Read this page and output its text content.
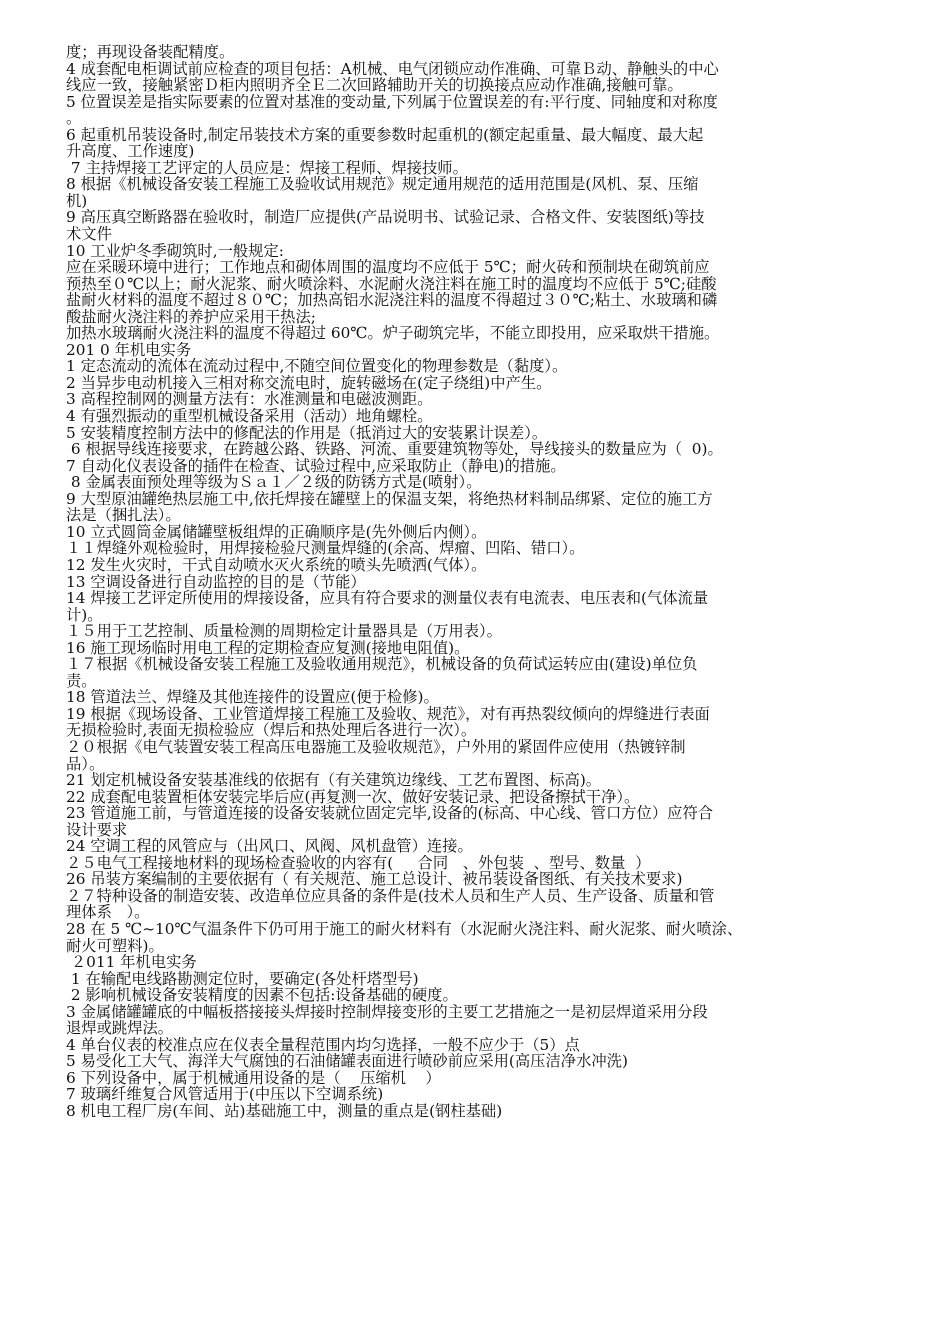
度；再现设备装配精度。
4 成套配电柜调试前应检查的项目包括：A机械、电气闭锁应动作准确、可靠Ｂ动、静触头的中心
线应一致，接触紧密Ｄ柜内照明齐全Ｅ二次回路辅助开关的切换接点应动作准确,接触可靠。
5 位置误差是指实际要素的位置对基准的变动量,下列属于位置误差的有:平行度、同轴度和对称度
。
6 起重机吊装设备时,制定吊装技术方案的重要参数时起重机的(额定起重量、最大幅度、最大起
升高度、工作速度)
7 主持焊接工艺评定的人员应是：焊接工程师、焊接技师。
8 根据《机械设备安装工程施工及验收试用规范》规定通用规范的适用范围是(风机、泵、压缩
机)
9 高压真空断路器在验收时，制造厂应提供(产品说明书、试验记录、合格文件、安装图纸)等技
术文件
10 工业炉冬季砌筑时,一般规定:
应在采暖环境中进行；工作地点和砌体周围的温度均不应低于 5℃；耐火砖和预制块在砌筑前应
预热至０℃以上；耐火泥浆、耐火喷涂料、水泥耐火浇注料在施工时的温度均不应低于 5℃;硅酸
盐耐火材料的温度不超过８０℃；加热高铝水泥浇注料的温度不得超过３０℃;粘土、水玻璃和磷
酸盐耐火浇注料的养护应采用干热法;
加热水玻璃耐火浇注料的温度不得超过 60℃。炉子砌筑完毕，不能立即投用，应采取烘干措施。
201 0 年机电实务
1 定态流动的流体在流动过程中,不随空间位置变化的物理参数是（黏度）。
2 当异步电动机接入三相对称交流电时，旋转磁场在(定子绕组)中产生。
3 高程控制网的测量方法有：水准测量和电磁波测距。
4 有强烈振动的重型机械设备采用（活动）地角螺栓。
5 安装精度控制方法中的修配法的作用是（抵消过大的安装累计误差）。
6 根据导线连接要求，在跨越公路、铁路、河流、重要建筑物等处，导线接头的数量应为（  0)。
7 自动化仪表设备的插件在检查、试验过程中,应采取防止（静电)的措施。
8 金属表面预处理等级为Ｓａ１／２级的防锈方式是(喷射）。
9 大型原油罐绝热层施工中,依托焊接在罐壁上的保温支架，将绝热材料制品绑紧、定位的施工方
法是（捆扎法）。
10 立式圆筒金属储罐壁板组焊的正确顺序是(先外侧后内侧）。
１１焊缝外观检验时，用焊接检验尺测量焊缝的(余高、焊瘤、凹陷、错口）。
12 发生火灾时，干式自动喷水灭火系统的喷头先喷洒(气体）。
13 空调设备进行自动监控的目的是（节能）
14 焊接工艺评定所使用的焊接设备，应具有符合要求的测量仪表有电流表、电压表和(气体流量
计)。
１５用于工艺控制、质量检测的周期检定计量器具是（万用表）。
16 施工现场临时用电工程的定期检查应复测(接地电阻值)。
１７根据《机械设备安装工程施工及验收通用规范》，机械设备的负荷试运转应由(建设)单位负
责。
18 管道法兰、焊缝及其他连接件的设置应(便于检修)。
19 根据《现场设备、工业管道焊接工程施工及验收、规范》，对有再热裂纹倾向的焊缝进行表面
无损检验时,表面无损检验应（焊后和热处理后各进行一次）。
２０根据《电气装置安装工程高压电器施工及验收规范》，户外用的紧固件应使用（热镀锌制
品）。
21 划定机械设备安装基准线的依据有（有关建筑边缘线、工艺布置图、标高)。
22 成套配电装置柜体安装完毕后应(再复测一次、做好安装记录、把设备擦拭干净）。
23 管道施工前，与管道连接的设备安装就位固定完毕,设备的(标高、中心线、管口方位）应符合
设计要求
24 空调工程的风管应与（出风口、风阀、风机盘管）连接。
２５电气工程接地材料的现场检查验收的内容有(     合同   、外包装  、型号、数量  ）
26 吊装方案编制的主要依据有（ 有关规范、施工总设计、被吊装设备图纸、有关技术要求)
２７特种设备的制造安装、改造单位应具备的条件是(技术人员和生产人员、生产设备、质量和管
理体系   ）。
28 在 5 ℃~10℃气温条件下仍可用于施工的耐火材料有（水泥耐火浇注料、耐火泥浆、耐火喷涂、
耐火可塑料)。
２011 年机电实务
1 在输配电线路勘测定位时，要确定(各处杆塔型号)
2 影响机械设备安装精度的因素不包括:设备基础的硬度。
3 金属储罐罐底的中幅板搭接接头焊接时控制焊接变形的主要工艺措施之一是初层焊道采用分段
退焊或跳焊法。
4 单台仪表的校准点应在仪表全量程范围内均匀选择，一般不应少于（5）点
5 易受化工大气、海洋大气腐蚀的石油储罐表面进行喷砂前应采用(高压洁净水冲洗)
6 下列设备中，属于机械通用设备的是（    压缩机    ）
7 玻璃纤维复合风管适用于(中压以下空调系统)
8 机电工程厂房(车间、站)基础施工中，测量的重点是(钢柱基础)
